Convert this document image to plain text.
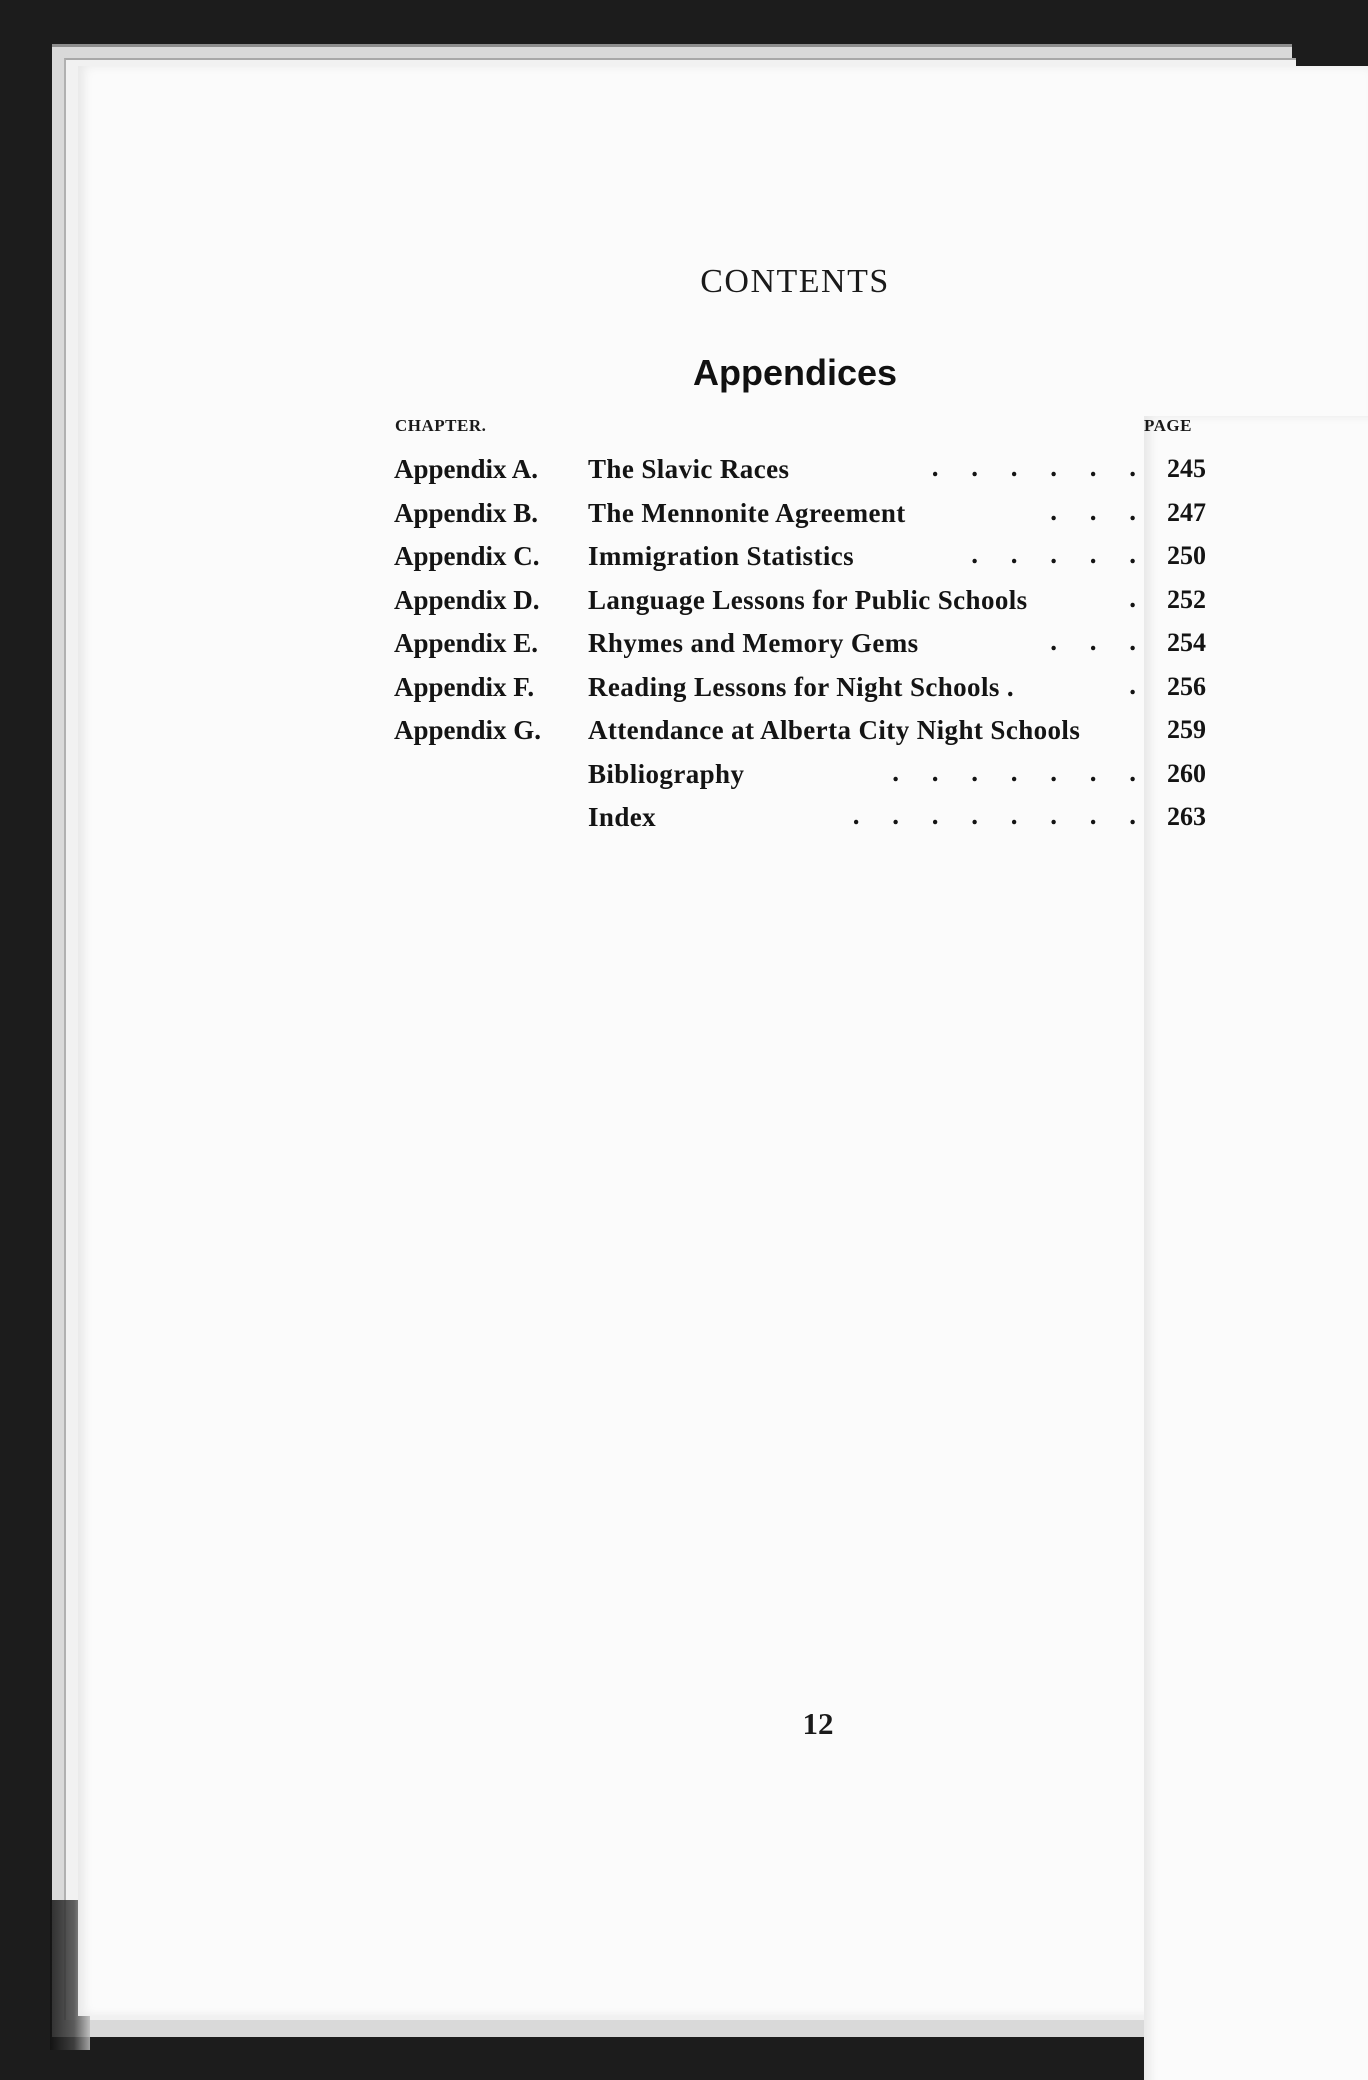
CONTENTS
Appendices
CHAPTER.	PAGE
Appendix A. The Slavic Races	. . . . . . 245
Appendix B. The Mennonite Agreement	. . . 247
Appendix C. Immigration Statistics	. . . . . 250
Appendix D. Language Lessons for Public Schools	. 252
Appendix E. Rhymes and Memory Gems	. . . 254
Appendix F. Reading Lessons for Night Schools .	. 256
Appendix G. Attendance at Alberta City Night Schools	259
Bibliography	. . . . . . . 260
Index	. . . . . . . . 263
12
